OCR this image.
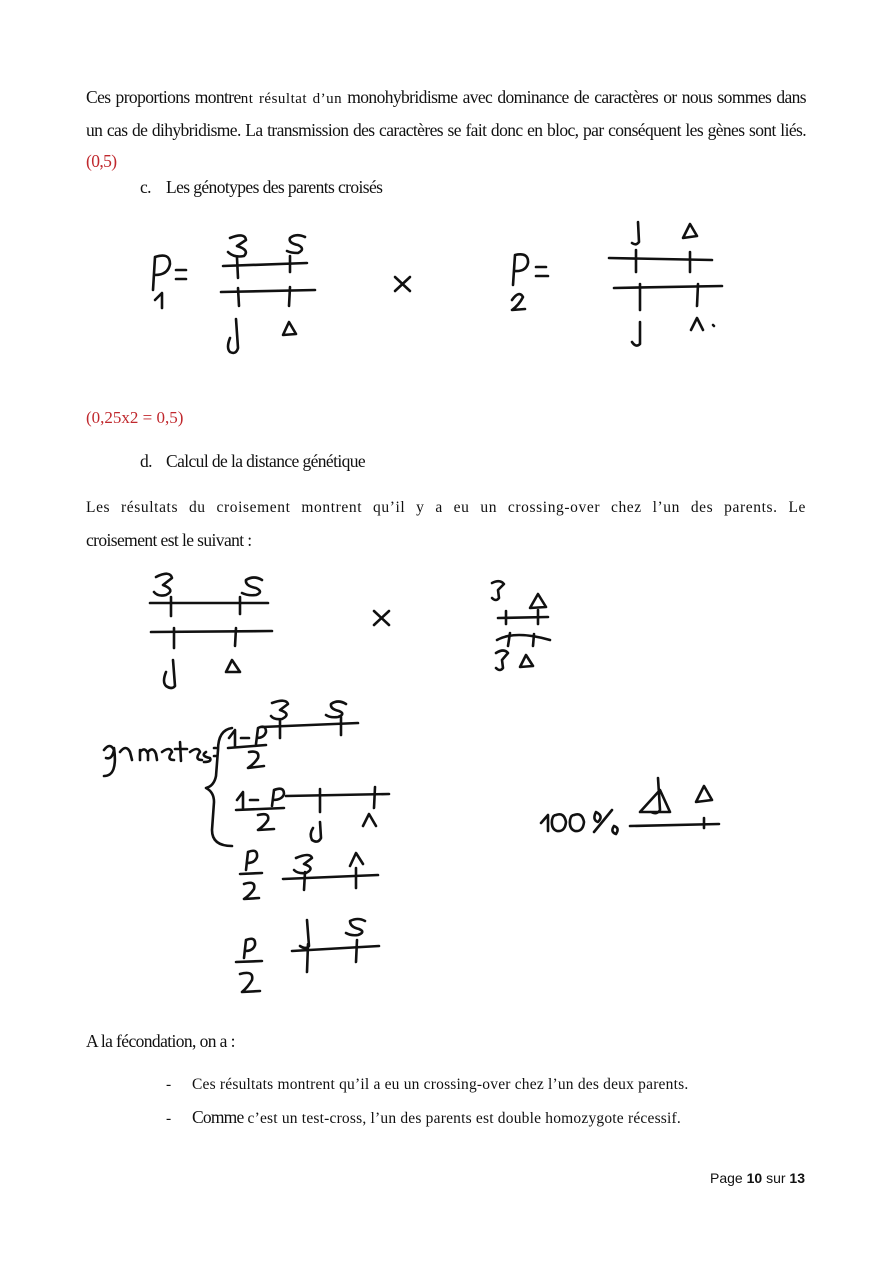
Ces proportions montrent résultat d’un monohybridisme avec dominance de caractères or nous sommes dans un cas de dihybridisme. La transmission des caractères se fait donc en bloc, par conséquent les gènes sont liés. (0,5)
c. Les génotypes des parents croisés
(0,25x2 = 0,5)
d. Calcul de la distance génétique
Les résultats du croisement montrent qu’il y a eu un crossing-over chez l’un des parents. Le croisement est le suivant :
A la fécondation, on a :
- Ces résultats montrent qu’il a eu un crossing-over chez l’un des deux parents.
- Comme c’est un test-cross, l’un des parents est double homozygote récessif.
Page 10 sur 13
